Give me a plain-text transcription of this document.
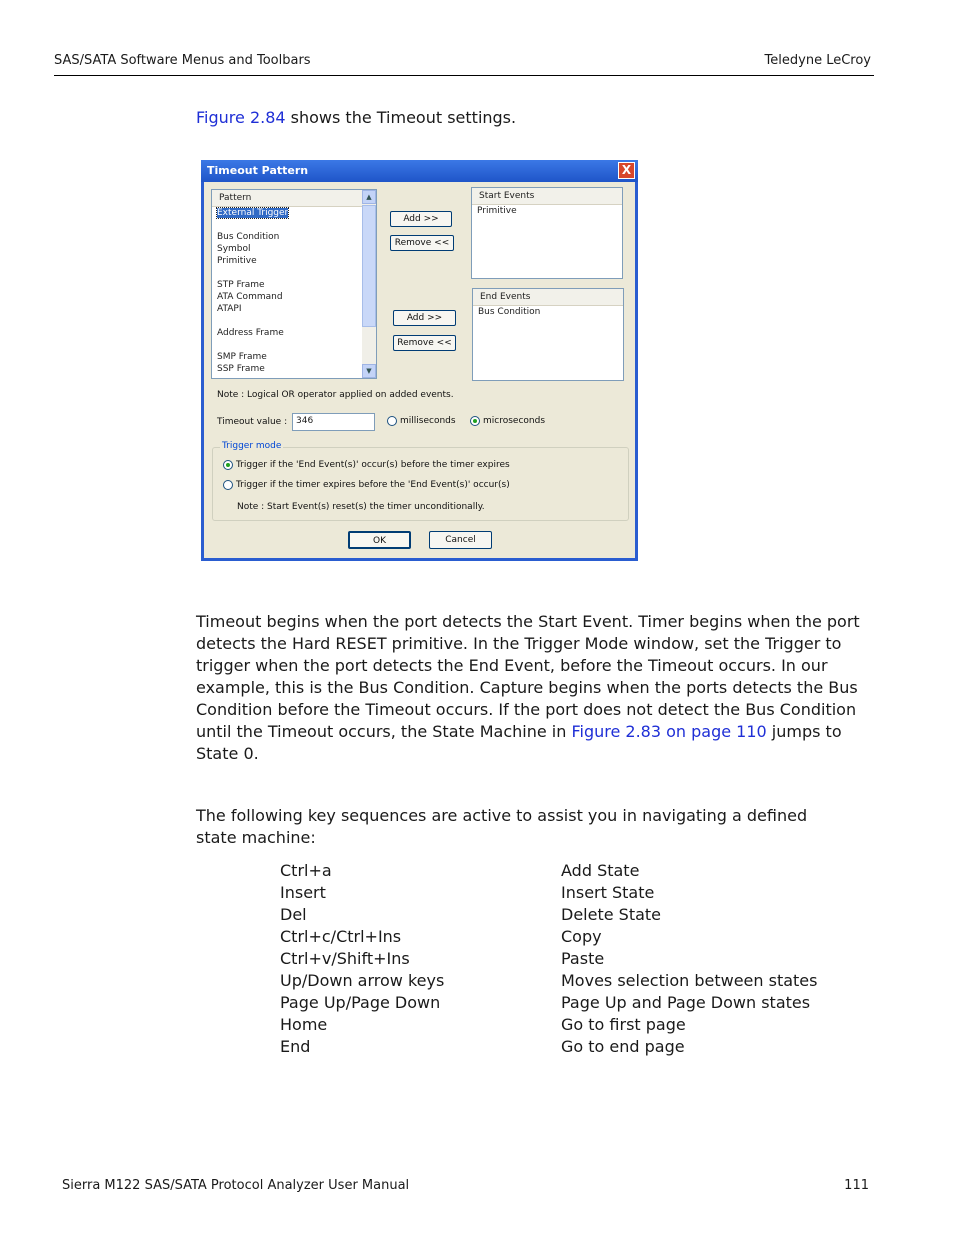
SAS/SATA Software Menus and Toolbars	Teledyne LeCroy
Figure 2.84 shows the Timeout settings.
Timeout Pattern	X
Pattern
External Trigger
Bus Condition
Symbol
Primitive
STP Frame
ATA Command
ATAPI
Address Frame
SMP Frame
SSP Frame
▲
▼
Add >>
Remove <<
Start Events
Primitive
Add >>
Remove <<
End Events
Bus Condition
Note : Logical OR operator applied on added events.
Timeout value : 346	milliseconds	microseconds
Trigger mode
Trigger if the 'End Event(s)' occur(s) before the timer expires
Trigger if the timer expires before the 'End Event(s)' occur(s)
Note : Start Event(s) reset(s) the timer unconditionally.
OK	Cancel

Timeout begins when the port detects the Start Event. Timer begins when the port detects the Hard RESET primitive. In the Trigger Mode window, set the Trigger to trigger when the port detects the End Event, before the Timeout occurs. In our example, this is the Bus Condition. Capture begins when the ports detects the Bus Condition before the Timeout occurs. If the port does not detect the Bus Condition until the Timeout occurs, the State Machine in Figure 2.83 on page 110 jumps to State 0.

The following key sequences are active to assist you in navigating a defined state machine:

Ctrl+a	Add State
Insert	Insert State
Del	Delete State
Ctrl+c/Ctrl+Ins	Copy
Ctrl+v/Shift+Ins	Paste
Up/Down arrow keys	Moves selection between states
Page Up/Page Down	Page Up and Page Down states
Home	Go to first page
End	Go to end page
Sierra M122 SAS/SATA Protocol Analyzer User Manual	111
